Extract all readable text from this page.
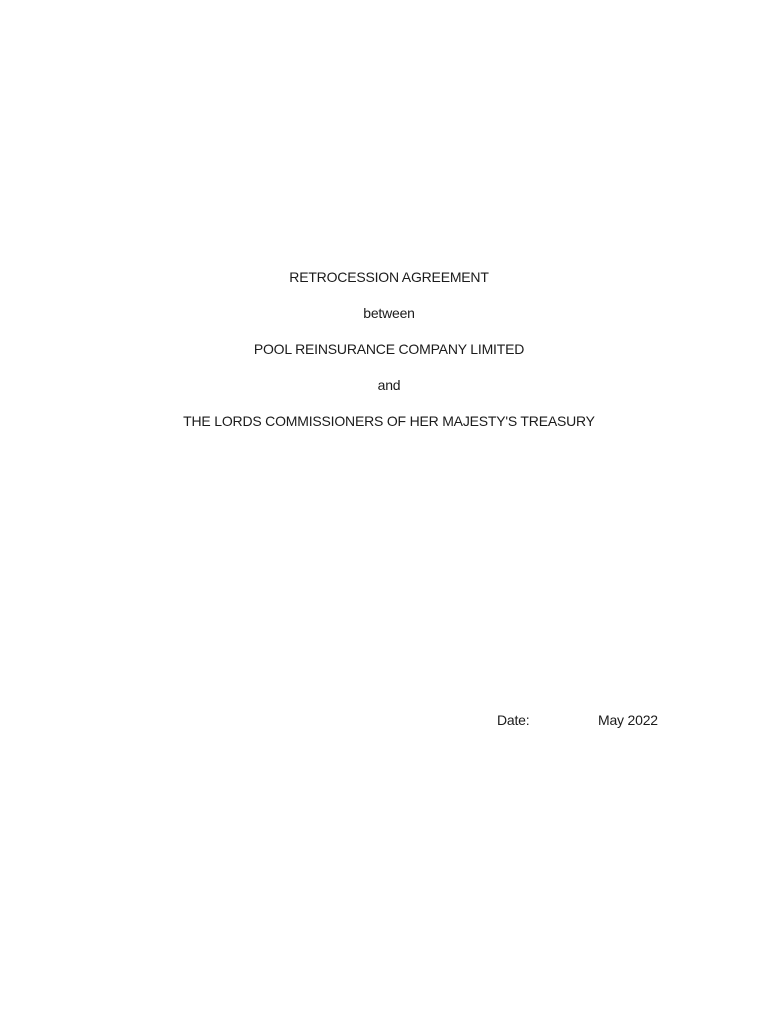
RETROCESSION AGREEMENT
between
POOL REINSURANCE COMPANY LIMITED
and
THE LORDS COMMISSIONERS OF HER MAJESTY'S TREASURY
Date:	May 2022
